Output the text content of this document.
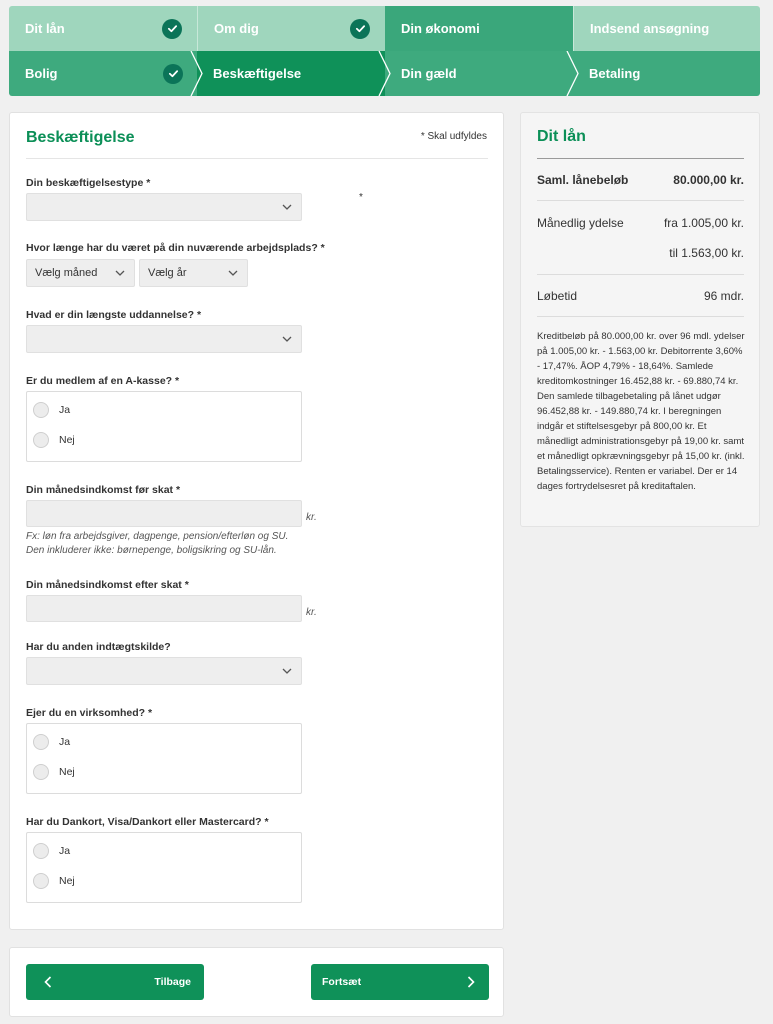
Dit lån	Om dig	Din økonomi	Indsend ansøgning
Bolig	Beskæftigelse	Din gæld	Betaling
Beskæftigelse	* Skal udfyldes
Din beskæftigelsestype *
*
Hvor længe har du været på din nuværende arbejdsplads? *
Vælg måned	Vælg år
Hvad er din længste uddannelse? *
Er du medlem af en A-kasse? *
Ja
Nej
Din månedsindkomst før skat *
kr.
Fx: løn fra arbejdsgiver, dagpenge, pension/efterløn og SU.
Den inkluderer ikke: børnepenge, boligsikring og SU-lån.
Din månedsindkomst efter skat *
kr.
Har du anden indtægtskilde?
Ejer du en virksomhed? *
Ja
Nej
Har du Dankort, Visa/Dankort eller Mastercard? *
Ja
Nej
Tilbage	Fortsæt
Dit lån
Saml. lånebeløb	80.000,00 kr.
Månedlig ydelse	fra 1.005,00 kr.
til 1.563,00 kr.
Løbetid	96 mdr.
Kreditbeløb på 80.000,00 kr. over 96 mdl. ydelser på 1.005,00 kr. - 1.563,00 kr. Debitorrente 3,60% - 17,47%. ÅOP 4,79% - 18,64%. Samlede kreditomkostninger 16.452,88 kr. - 69.880,74 kr. Den samlede tilbagebetaling på lånet udgør 96.452,88 kr. - 149.880,74 kr. I beregningen indgår et stiftelsesgebyr på 800,00 kr. Et månedligt administrationsgebyr på 19,00 kr. samt et månedligt opkrævningsgebyr på 15,00 kr. (inkl. Betalingsservice). Renten er variabel. Der er 14 dages fortrydelsesret på kreditaftalen.
